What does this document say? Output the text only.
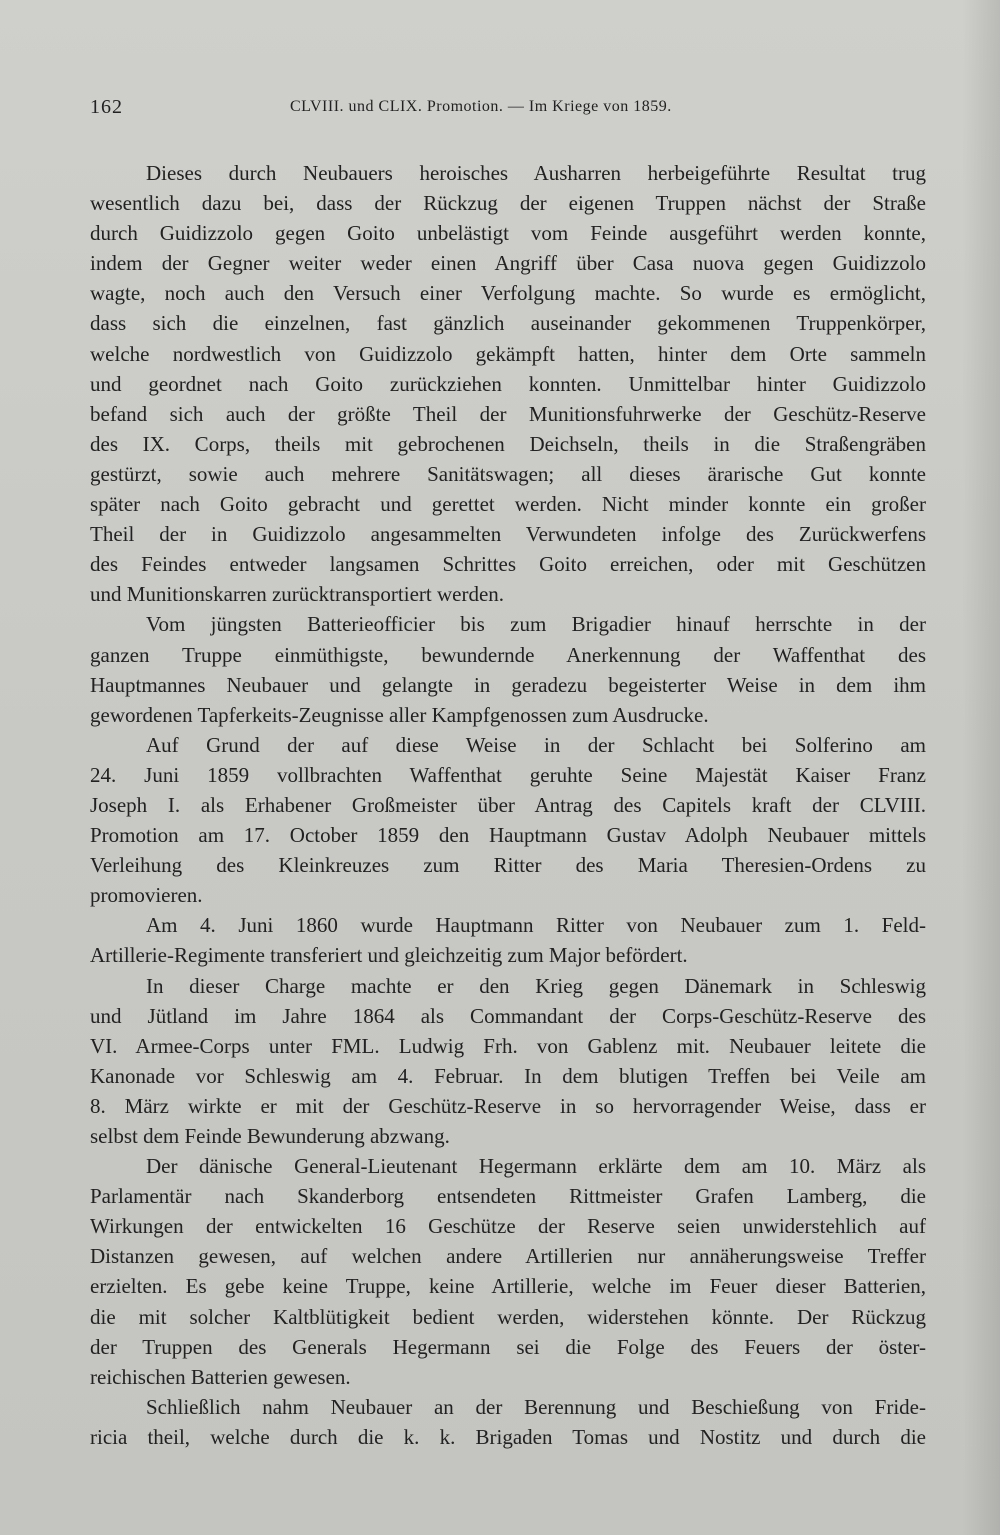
162	CLVIII. und CLIX. Promotion. — Im Kriege von 1859.
Dieses durch Neubauers heroisches Ausharren herbeigeführte Resultat trug
wesentlich dazu bei, dass der Rückzug der eigenen Truppen nächst der Straße
durch Guidizzolo gegen Goito unbelästigt vom Feinde ausgeführt werden konnte,
indem der Gegner weiter weder einen Angriff über Casa nuova gegen Guidizzolo
wagte, noch auch den Versuch einer Verfolgung machte. So wurde es ermöglicht,
dass sich die einzelnen, fast gänzlich auseinander gekommenen Truppenkörper,
welche nordwestlich von Guidizzolo gekämpft hatten, hinter dem Orte sammeln
und geordnet nach Goito zurückziehen konnten. Unmittelbar hinter Guidizzolo
befand sich auch der größte Theil der Munitionsfuhrwerke der Geschütz-Reserve
des IX. Corps, theils mit gebrochenen Deichseln, theils in die Straßengräben
gestürzt, sowie auch mehrere Sanitätswagen; all dieses ärarische Gut konnte
später nach Goito gebracht und gerettet werden. Nicht minder konnte ein großer
Theil der in Guidizzolo angesammelten Verwundeten infolge des Zurückwerfens
des Feindes entweder langsamen Schrittes Goito erreichen, oder mit Geschützen
und Munitionskarren zurücktransportiert werden.
Vom jüngsten Batterieofficier bis zum Brigadier hinauf herrschte in der
ganzen Truppe einmüthigste, bewundernde Anerkennung der Waffenthat des
Hauptmannes Neubauer und gelangte in geradezu begeisterter Weise in dem ihm
gewordenen Tapferkeits-Zeugnisse aller Kampfgenossen zum Ausdrucke.
Auf Grund der auf diese Weise in der Schlacht bei Solferino am
24. Juni 1859 vollbrachten Waffenthat geruhte Seine Majestät Kaiser Franz
Joseph I. als Erhabener Großmeister über Antrag des Capitels kraft der CLVIII.
Promotion am 17. October 1859 den Hauptmann Gustav Adolph Neubauer mittels
Verleihung des Kleinkreuzes zum Ritter des Maria Theresien-Ordens zu
promovieren.
Am 4. Juni 1860 wurde Hauptmann Ritter von Neubauer zum 1. Feld-
Artillerie-Regimente transferiert und gleichzeitig zum Major befördert.
In dieser Charge machte er den Krieg gegen Dänemark in Schleswig
und Jütland im Jahre 1864 als Commandant der Corps-Geschütz-Reserve des
VI. Armee-Corps unter FML. Ludwig Frh. von Gablenz mit. Neubauer leitete die
Kanonade vor Schleswig am 4. Februar. In dem blutigen Treffen bei Veile am
8. März wirkte er mit der Geschütz-Reserve in so hervorragender Weise, dass er
selbst dem Feinde Bewunderung abzwang.
Der dänische General-Lieutenant Hegermann erklärte dem am 10. März als
Parlamentär nach Skanderborg entsendeten Rittmeister Grafen Lamberg, die
Wirkungen der entwickelten 16 Geschütze der Reserve seien unwiderstehlich auf
Distanzen gewesen, auf welchen andere Artillerien nur annäherungsweise Treffer
erzielten. Es gebe keine Truppe, keine Artillerie, welche im Feuer dieser Batterien,
die mit solcher Kaltblütigkeit bedient werden, widerstehen könnte. Der Rückzug
der Truppen des Generals Hegermann sei die Folge des Feuers der öster-
reichischen Batterien gewesen.
Schließlich nahm Neubauer an der Berennung und Beschießung von Fride-
ricia theil, welche durch die k. k. Brigaden Tomas und Nostitz und durch die
